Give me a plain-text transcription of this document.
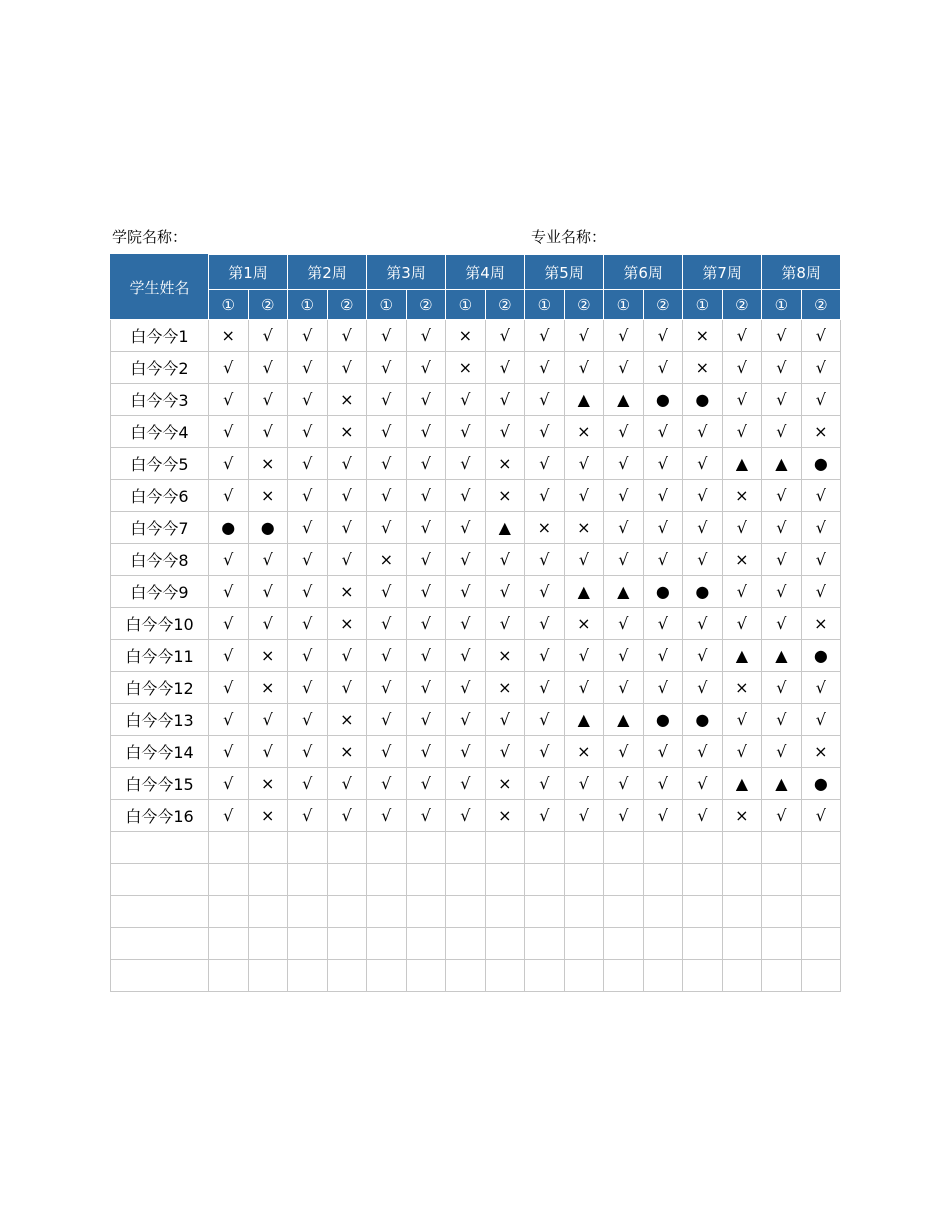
学院名称：	专业名称：
学生姓名	第1周		第2周		第3周		第4周		第5周		第6周		第7周		第8周	
	①	②	①	②	①	②	①	②	①	②	①	②	①	②	①	②
白今今1	×	√	√	√	√	√	×	√	√	√	√	√	×	√	√	√
白今今2	√	√	√	√	√	√	×	√	√	√	√	√	×	√	√	√
白今今3	√	√	√	×	√	√	√	√	√	▲	▲	●	●	√	√	√
白今今4	√	√	√	×	√	√	√	√	√	×	√	√	√	√	√	×
白今今5	√	×	√	√	√	√	√	×	√	√	√	√	√	▲	▲	●
白今今6	√	×	√	√	√	√	√	×	√	√	√	√	√	×	√	√
白今今7	●	●	√	√	√	√	√	▲	×	×	√	√	√	√	√	√
白今今8	√	√	√	√	×	√	√	√	√	√	√	√	√	×	√	√
白今今9	√	√	√	×	√	√	√	√	√	▲	▲	●	●	√	√	√
白今今10	√	√	√	×	√	√	√	√	√	×	√	√	√	√	√	×
白今今11	√	×	√	√	√	√	√	×	√	√	√	√	√	▲	▲	●
白今今12	√	×	√	√	√	√	√	×	√	√	√	√	√	×	√	√
白今今13	√	√	√	×	√	√	√	√	√	▲	▲	●	●	√	√	√
白今今14	√	√	√	×	√	√	√	√	√	×	√	√	√	√	√	×
白今今15	√	×	√	√	√	√	√	×	√	√	√	√	√	▲	▲	●
白今今16	√	×	√	√	√	√	√	×	√	√	√	√	√	×	√	√
